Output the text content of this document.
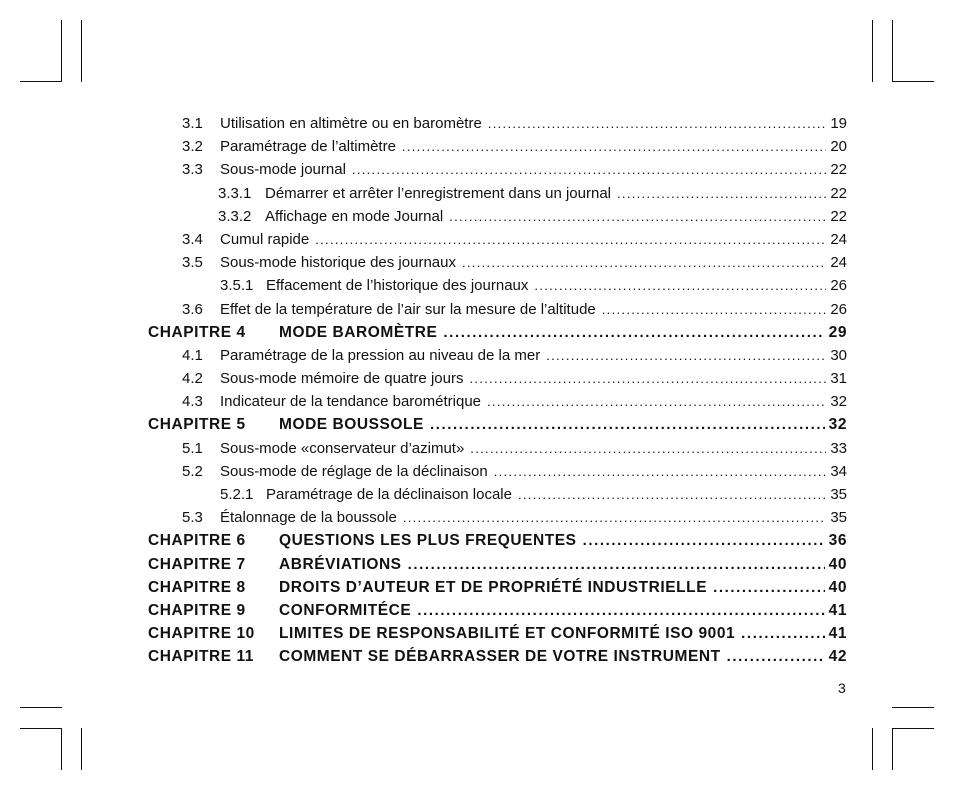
3.1	Utilisation en altimètre ou en baromètre .....	19
3.2	Paramétrage de l’altimètre .....	20
3.3	Sous-mode journal .....	22
3.3.1 Démarrer et arrêter l’enregistrement dans un journal .....	22
3.3.2 Affichage en mode Journal .....	22
3.4	Cumul rapide .....	24
3.5	Sous-mode historique des journaux .....	24
3.5.1 Effacement de l’historique des journaux .....	26
3.6	Effet de la température de l’air sur la mesure de l’altitude .....	26
CHAPITRE 4	MODE BAROMÈTRE .....	29
4.1	Paramétrage de la pression au niveau de la mer .....	30
4.2	Sous-mode mémoire de quatre jours .....	31
4.3	Indicateur de la tendance barométrique .....	32
CHAPITRE 5	MODE BOUSSOLE .....	32
5.1	Sous-mode «conservateur d’azimut» .....	33
5.2	Sous-mode de réglage de la déclinaison .....	34
5.2.1 Paramétrage de la déclinaison locale .....	35
5.3	Étalonnage de la boussole .....	35
CHAPITRE 6	QUESTIONS LES PLUS FREQUENTES .....	36
CHAPITRE 7	ABRÉVIATIONS .....	40
CHAPITRE 8	DROITS D’AUTEUR ET DE PROPRIÉTÉ INDUSTRIELLE .....	40
CHAPITRE 9	CONFORMITÉCE .....	41
CHAPITRE 10	LIMITES DE RESPONSABILITÉ ET CONFORMITÉ ISO 9001 .....	41
CHAPITRE 11	COMMENT SE DÉBARRASSER DE VOTRE INSTRUMENT .....	42
3
